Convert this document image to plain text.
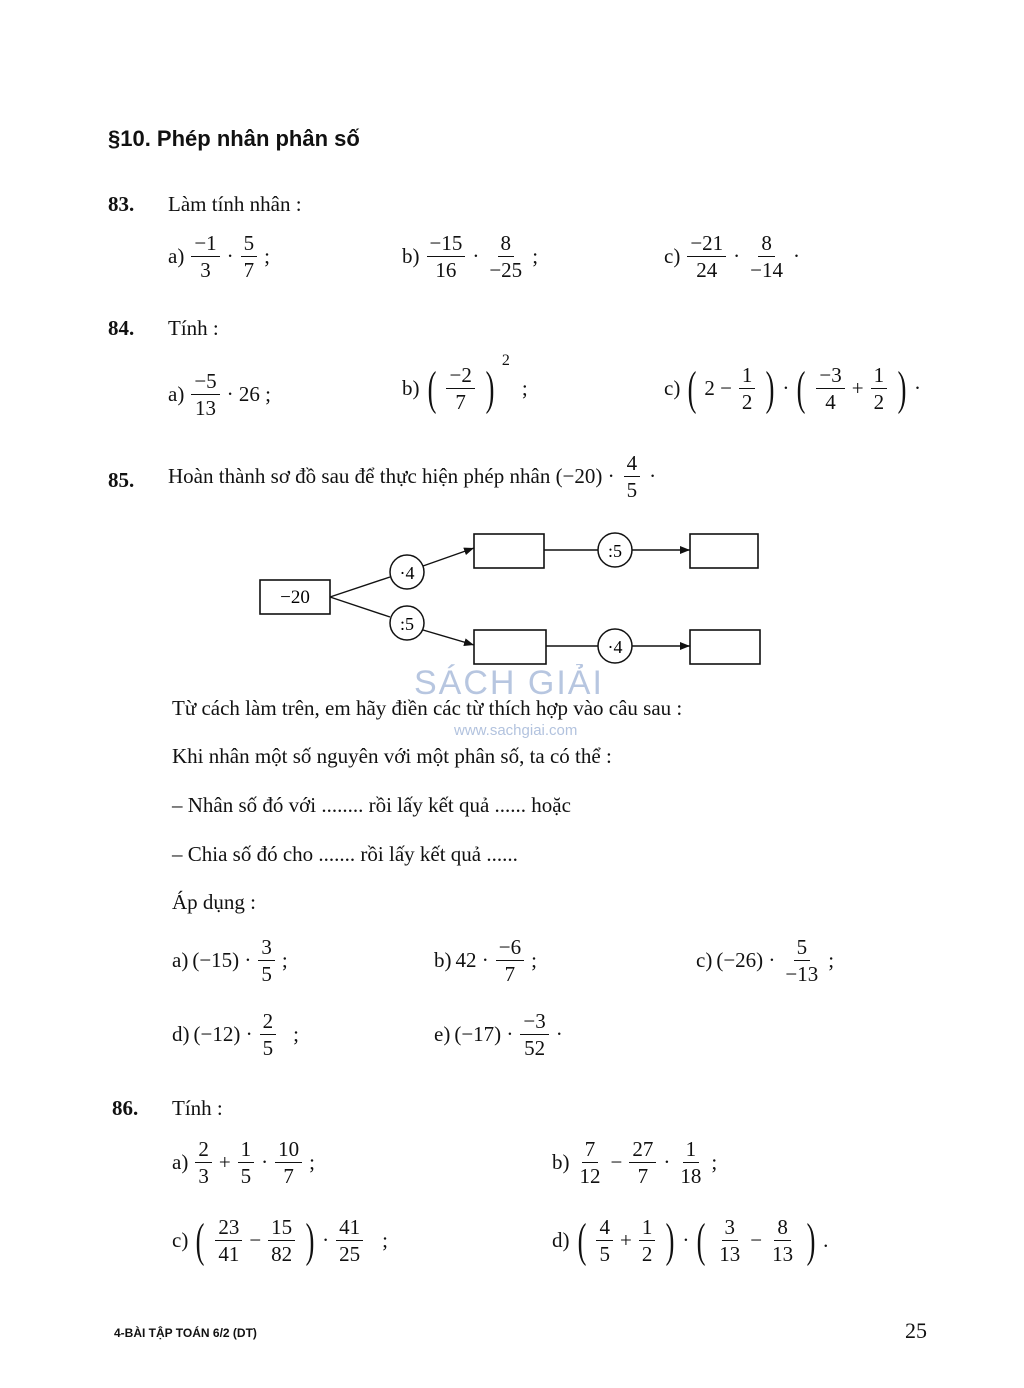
§10. Phép nhân phân số
83. Làm tính nhân :
$a) \frac{-1}{3} \cdot \frac{5}{7}$ ;	$b) \frac{-15}{16} \cdot \frac{8}{-25}$ ;	$c) \frac{-21}{24} \cdot \frac{8}{-14}$ ·
84. Tính :
$a) \frac{-5}{13} \cdot 26$ ;	b) ( $\frac{-2}{7}$ )
2
;	c) ( $2 - \frac{1}{2}$ ) · ( $\frac{-3}{4} + \frac{1}{2}$ ) ·
85. Hoàn thành sơ đồ sau để thực hiện phép nhân $(-20) \cdot \frac{4}{5}$ ·
−20
·4
:5
:5
·4
SÁCH GIẢI
www.sachgiai.com
Từ cách làm trên, em hãy điền các từ thích hợp vào câu sau :
Khi nhân một số nguyên với một phân số, ta có thể :
– Nhân số đó với ........ rồi lấy kết quả ...... hoặc
– Chia số đó cho ....... rồi lấy kết quả ......
Áp dụng :
a) $(-15) \cdot \frac{3}{5}$ ;	b) $42 \cdot \frac{-6}{7}$ ;	c) $(-26) \cdot \frac{5}{-13}$ ;
d) $(-12) \cdot \frac{2}{5}$ ;	e) $(-17) \cdot \frac{-3}{52}$ ·
86. Tính :
$a) \frac{2}{3} + \frac{1}{5} \cdot \frac{10}{7}$ ;	$b) \frac{7}{12} - \frac{27}{7} \cdot \frac{1}{18}$ ;
c) ( $\frac{23}{41} - \frac{15}{82}$ ) · $\frac{41}{25}$ ;	d) ( $\frac{4}{5} + \frac{1}{2}$ ) · ( $\frac{3}{13} - \frac{8}{13}$ ) .
4-BÀI TẬP TOÁN 6/2 (DT)	25
